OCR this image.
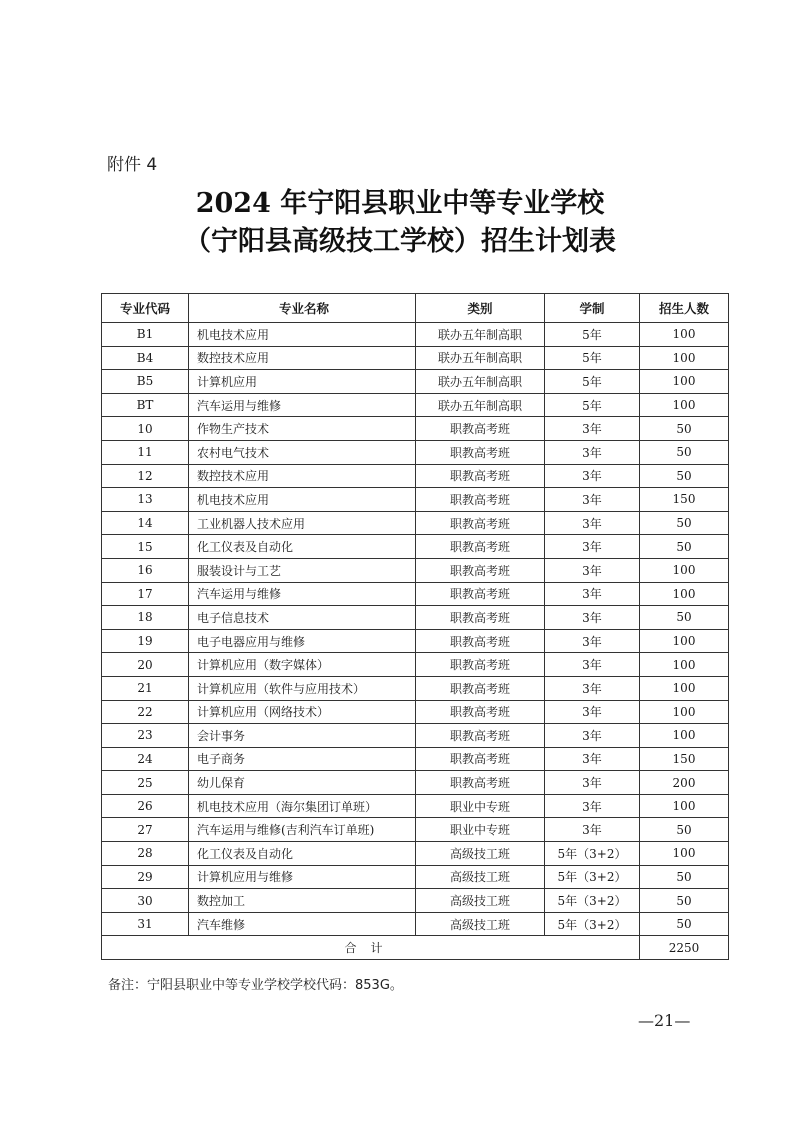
附件 4
2024 年宁阳县职业中等专业学校
（宁阳县高级技工学校）招生计划表
专业代码	专业名称	类别	学制	招生人数
B1	机电技术应用	联办五年制高职	5年	100
B4	数控技术应用	联办五年制高职	5年	100
B5	计算机应用	联办五年制高职	5年	100
BT	汽车运用与维修	联办五年制高职	5年	100
10	作物生产技术	职教高考班	3年	50
11	农村电气技术	职教高考班	3年	50
12	数控技术应用	职教高考班	3年	50
13	机电技术应用	职教高考班	3年	150
14	工业机器人技术应用	职教高考班	3年	50
15	化工仪表及自动化	职教高考班	3年	50
16	服装设计与工艺	职教高考班	3年	100
17	汽车运用与维修	职教高考班	3年	100
18	电子信息技术	职教高考班	3年	50
19	电子电器应用与维修	职教高考班	3年	100
20	计算机应用（数字媒体）	职教高考班	3年	100
21	计算机应用（软件与应用技术）	职教高考班	3年	100
22	计算机应用（网络技术）	职教高考班	3年	100
23	会计事务	职教高考班	3年	100
24	电子商务	职教高考班	3年	150
25	幼儿保育	职教高考班	3年	200
26	机电技术应用（海尔集团订单班）	职业中专班	3年	100
27	汽车运用与维修(吉利汽车订单班)	职业中专班	3年	50
28	化工仪表及自动化	高级技工班	5年（3+2）	100
29	计算机应用与维修	高级技工班	5年（3+2）	50
30	数控加工	高级技工班	5年（3+2）	50
31	汽车维修	高级技工班	5年（3+2）	50
合计				2250
备注：宁阳县职业中等专业学校学校代码：853G。
—21—
